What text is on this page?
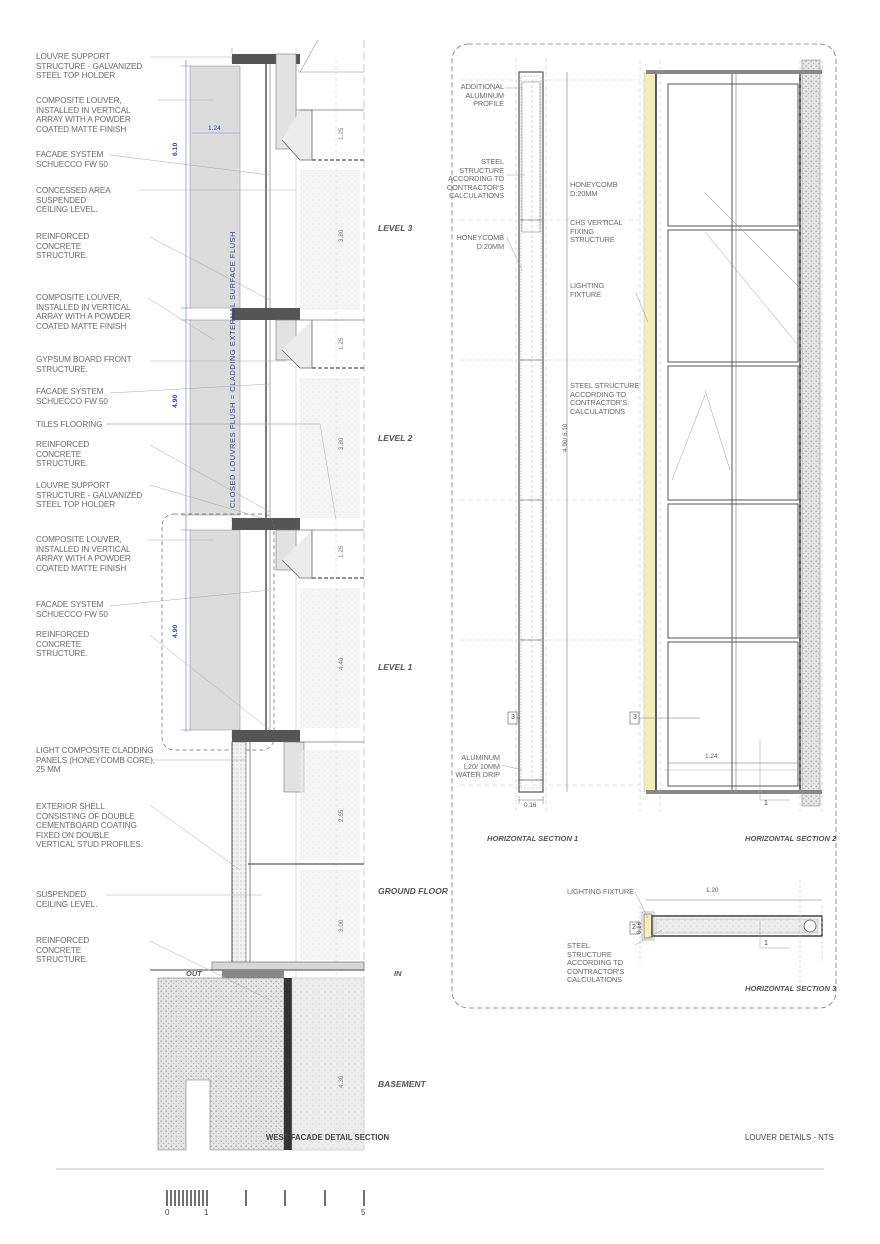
LOUVRE SUPPORT STRUCTURE - GALVANIZED STEEL TOP HOLDER
COMPOSITE LOUVER, INSTALLED IN VERTICAL ARRAY WITH A POWDER COATED MATTE FINISH
FACADE SYSTEM SCHUECCO FW 50
CONCESSED AREA SUSPENDED CEILING LEVEL.
REINFORCED CONCRETE STRUCTURE.
COMPOSITE LOUVER, INSTALLED IN VERTICAL ARRAY WITH A POWDER COATED MATTE FINISH
GYPSUM BOARD FRONT STRUCTURE.
FACADE SYSTEM SCHUECCO FW 50
TILES FLOORING
REINFORCED CONCRETE STRUCTURE.
LOUVRE SUPPORT STRUCTURE - GALVANIZED STEEL TOP HOLDER
COMPOSITE LOUVER, INSTALLED IN VERTICAL ARRAY WITH A POWDER COATED MATTE FINISH
FACADE SYSTEM SCHUECCO FW 50
REINFORCED CONCRETE STRUCTURE.
LIGHT COMPOSITE CLADDING PANELS (HONEYCOMB CORE), 25 MM
EXTERIOR SHELL CONSISTING OF DOUBLE CEMENTBOARD COATING FIXED ON DOUBLE VERTICAL STUD PROFILES.
SUSPENDED CEILING LEVEL.
REINFORCED CONCRETE STRUCTURE.
LEVEL 3
LEVEL 2
LEVEL 1
GROUND FLOOR
BASEMENT
OUT	IN
CLOSED LOUVRES FLUSH = CLADDING EXTERNAL SURFACE FLUSH
6.10
1.24
4.90
4.90
1.25
3.80
1.25
3.80
1.25
4.40
2.65
3.00
4.30
ADDITIONAL ALUMINUM PROFILE
STEEL STRUCTURE ACCORDING TO CONTRACTOR'S CALCULATIONS
HONEYCOMB D:20MM
ALUMINUM L20/ 10MM WATER DRIP
4.90/ 6.10
0.16
3
HONEYCOMB D:20MM
CHS VERTICAL FIXING STRUCTURE
LIGHTING FIXTURE
STEEL STRUCTURE ACCORDING TO CONTRACTOR'S CALCULATIONS
1.24
3
1
LIGHTING FIXTURE
STEEL STRUCTURE ACCORDING TO CONTRACTOR'S CALCULATIONS
1.20
0.16
2
1
HORIZONTAL SECTION 1	HORIZONTAL SECTION 2
HORIZONTAL SECTION 3
WEST FACADE DETAIL SECTION	LOUVER DETAILS - NTS
0	1	5
